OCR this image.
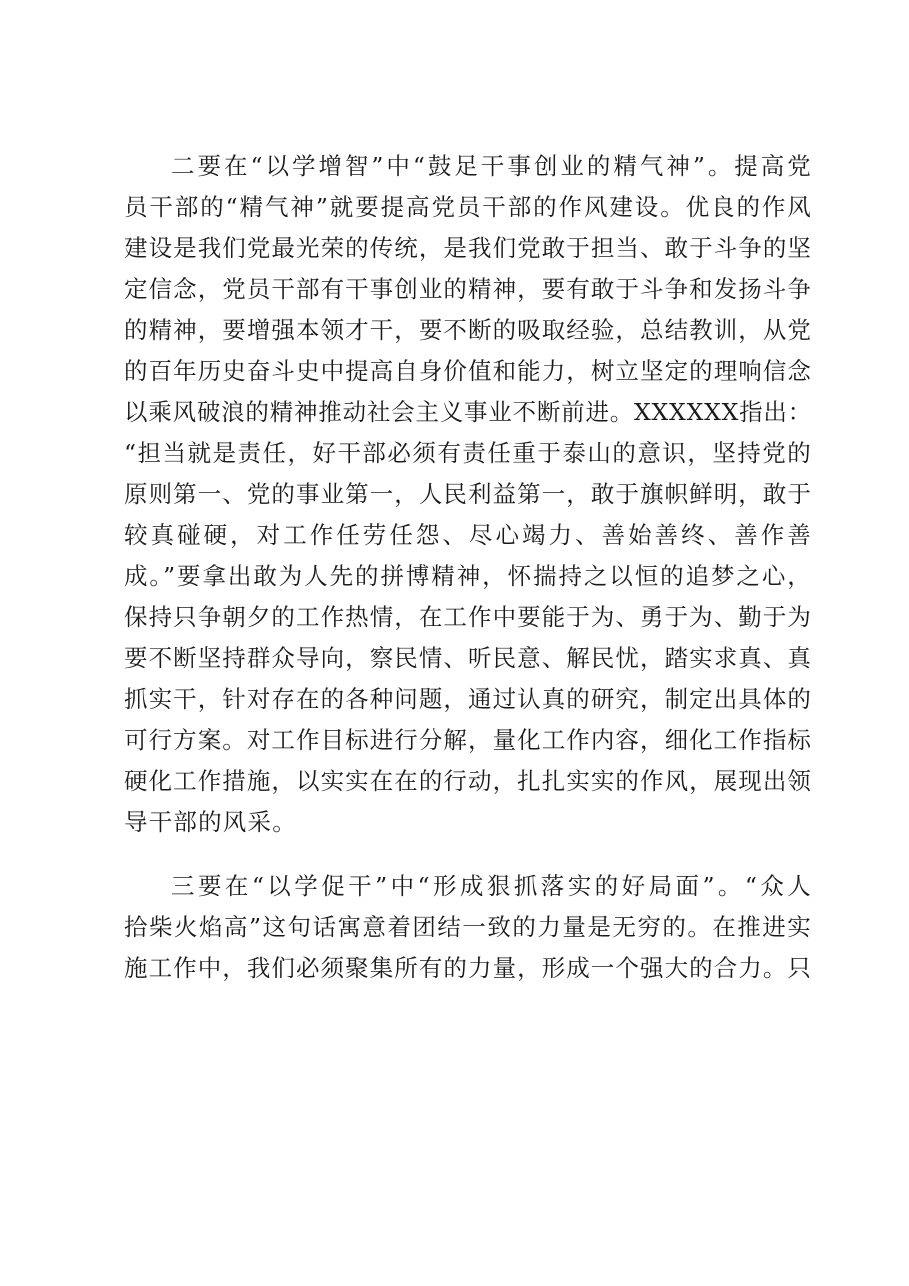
二要在“以学增智”中“鼓足干事创业的精气神”。提高党
员干部的“精气神”就要提高党员干部的作风建设。优良的作风
建设是我们党最光荣的传统，是我们党敢于担当、敢于斗争的坚
定信念，党员干部有干事创业的精神，要有敢于斗争和发扬斗争
的精神，要增强本领才干，要不断的吸取经验，总结教训，从党
的百年历史奋斗史中提高自身价值和能力，树立坚定的理响信念
以乘风破浪的精神推动社会主义事业不断前进。XXXXXX指出：
“担当就是责任，好干部必须有责任重于泰山的意识，坚持党的
原则第一、党的事业第一，人民利益第一，敢于旗帜鲜明，敢于
较真碰硬，对工作任劳任怨、尽心竭力、善始善终、善作善
成。”要拿出敢为人先的拼博精神，怀揣持之以恒的追梦之心，
保持只争朝夕的工作热情，在工作中要能于为、勇于为、勤于为
要不断坚持群众导向，察民情、听民意、解民忧，踏实求真、真
抓实干，针对存在的各种问题，通过认真的研究，制定出具体的
可行方案。对工作目标进行分解，量化工作内容，细化工作指标
硬化工作措施，以实实在在的行动，扎扎实实的作风，展现出领
导干部的风采。
三要在“以学促干”中“形成狠抓落实的好局面”。“众人
拾柴火焰高”这句话寓意着团结一致的力量是无穷的。在推进实
施工作中，我们必须聚集所有的力量，形成一个强大的合力。只
